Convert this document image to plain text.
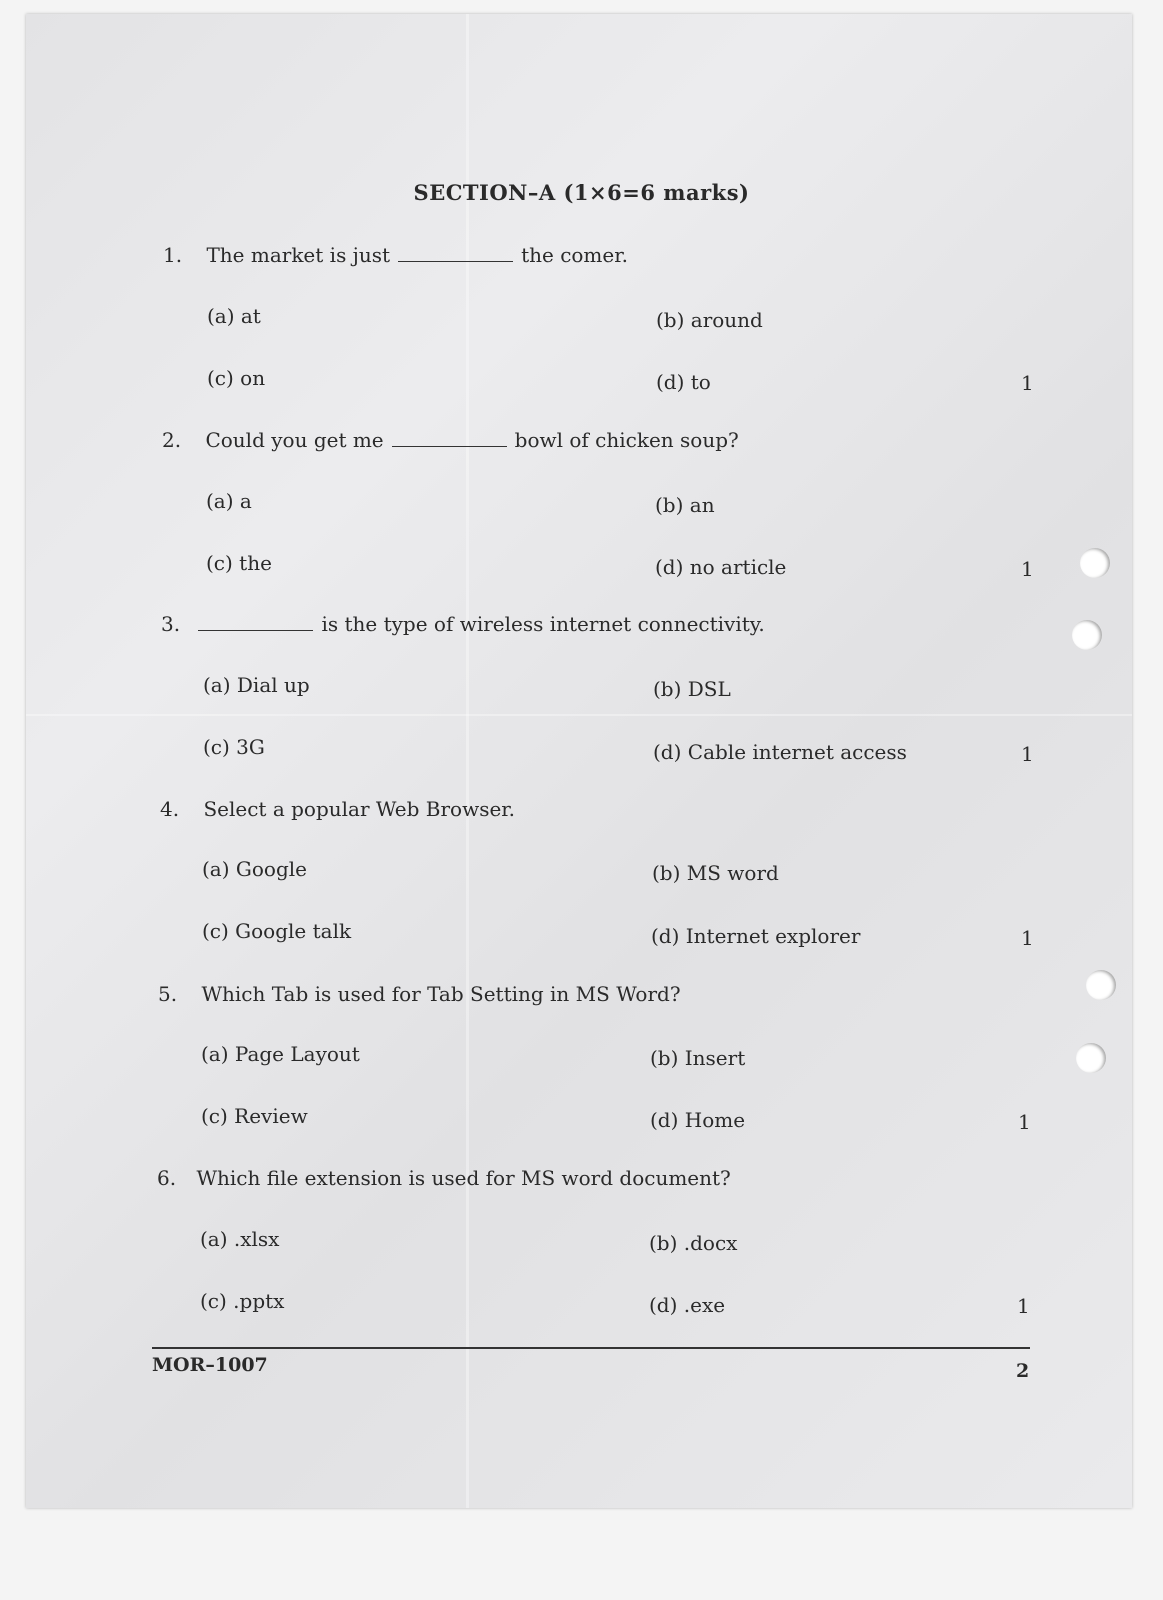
SECTION–A (1×6=6 marks)
1. The market is just	the comer.
(a) at	(b) around
(c) on	(d) to	1
2. Could you get me	bowl of chicken soup?
(a) a	(b) an
(c) the	(d) no article	1
3.	is the type of wireless internet connectivity.
(a) Dial up	(b) DSL
(c) 3G	(d) Cable internet access	1
4. Select a popular Web Browser.
(a) Google	(b) MS word
(c) Google talk	(d) Internet explorer	1
5. Which Tab is used for Tab Setting in MS Word?
(a) Page Layout	(b) Insert
(c) Review	(d) Home	1
6. Which file extension is used for MS word document?
(a) .xlsx	(b) .docx
(c) .pptx	(d) .exe	1
MOR–1007	2
